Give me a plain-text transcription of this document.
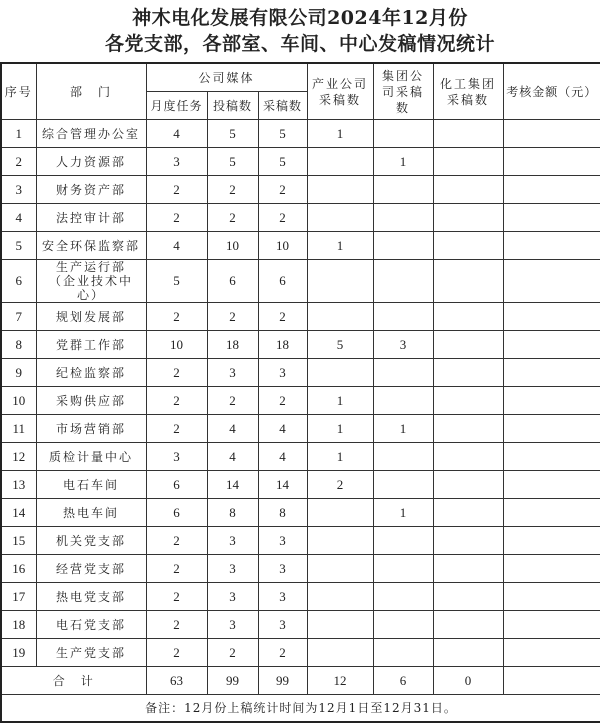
神木电化发展有限公司2024年12月份
各党支部，各部室、车间、中心发稿情况统计
序号	部　门	公司媒体			产业公司采稿数	集团公司采稿数	化工集团采稿数	考核金额（元）
		月度任务	投稿数	采稿数				
1	综合管理办公室	4	5	5	1			
2	人力资源部	3	5	5		1		
3	财务资产部	2	2	2				
4	法控审计部	2	2	2				
5	安全环保监察部	4	10	10	1			
6	生产运行部（企业技术中心）	5	6	6				
7	规划发展部	2	2	2				
8	党群工作部	10	18	18	5	3		
9	纪检监察部	2	3	3				
10	采购供应部	2	2	2	1			
11	市场营销部	2	4	4	1	1		
12	质检计量中心	3	4	4	1			
13	电石车间	6	14	14	2			
14	热电车间	6	8	8		1		
15	机关党支部	2	3	3				
16	经营党支部	2	3	3				
17	热电党支部	2	3	3				
18	电石党支部	2	3	3				
19	生产党支部	2	2	2				
合　计		63	99	99	12	6	0	
备注：12月份上稿统计时间为12月1日至12月31日。								
